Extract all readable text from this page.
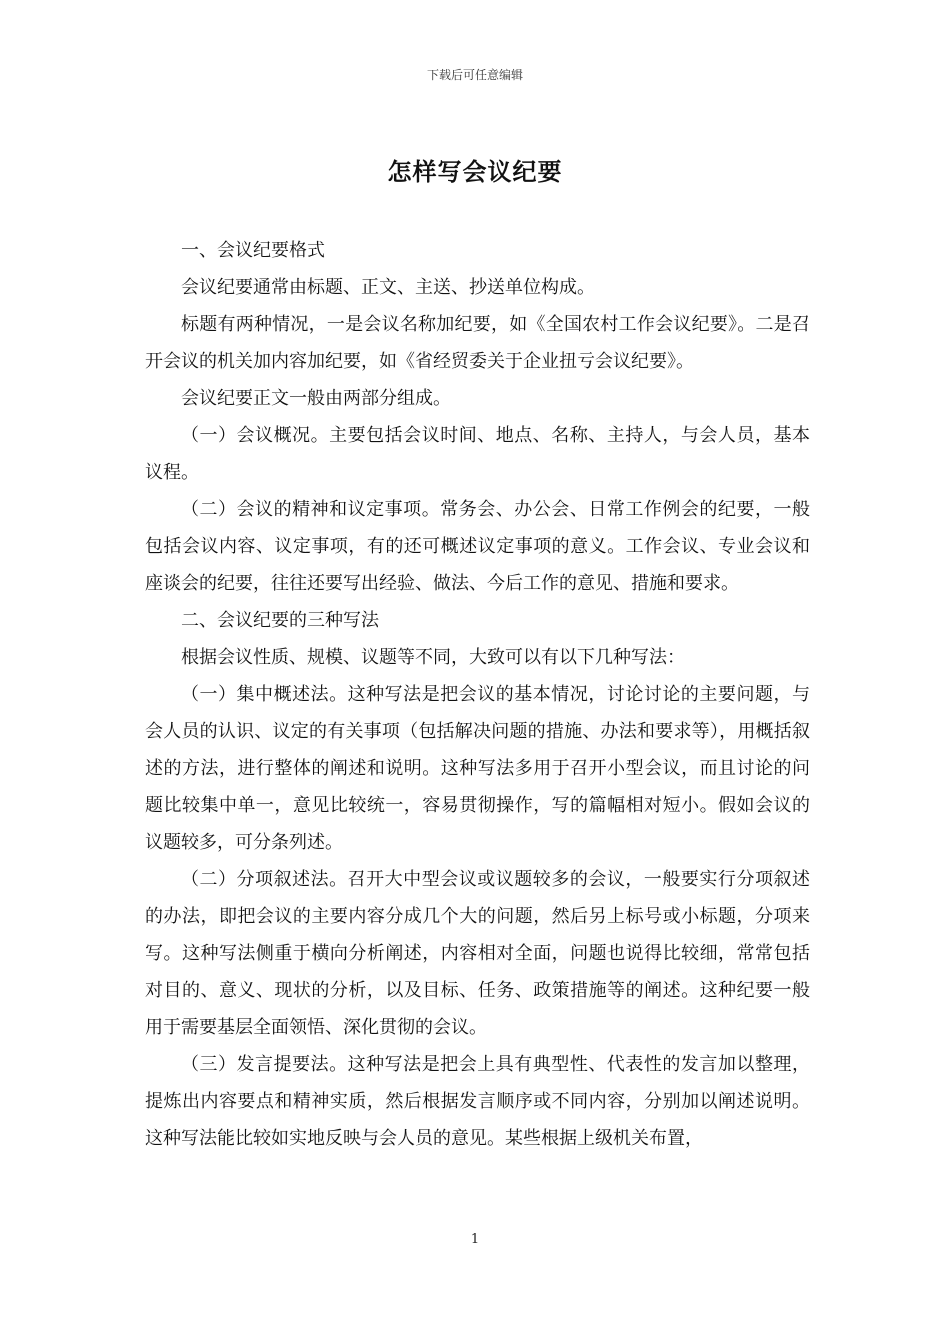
下载后可任意编辑
怎样写会议纪要

一、会议纪要格式

会议纪要通常由标题、正文、主送、抄送单位构成。

标题有两种情况，一是会议名称加纪要，如《全国农村工作会议纪要》。二是召开会议的机关加内容加纪要，如《省经贸委关于企业扭亏会议纪要》。

会议纪要正文一般由两部分组成。

（一）会议概况。主要包括会议时间、地点、名称、主持人，与会人员，基本议程。

（二）会议的精神和议定事项。常务会、办公会、日常工作例会的纪要，一般包括会议内容、议定事项，有的还可概述议定事项的意义。工作会议、专业会议和座谈会的纪要，往往还要写出经验、做法、今后工作的意见、措施和要求。

二、会议纪要的三种写法

根据会议性质、规模、议题等不同，大致可以有以下几种写法：

（一）集中概述法。这种写法是把会议的基本情况，讨论讨论的主要问题，与会人员的认识、议定的有关事项（包括解决问题的措施、办法和要求等），用概括叙述的方法，进行整体的阐述和说明。这种写法多用于召开小型会议，而且讨论的问题比较集中单一，意见比较统一，容易贯彻操作，写的篇幅相对短小。假如会议的议题较多，可分条列述。

（二）分项叙述法。召开大中型会议或议题较多的会议，一般要实行分项叙述的办法，即把会议的主要内容分成几个大的问题，然后另上标号或小标题，分项来写。这种写法侧重于横向分析阐述，内容相对全面，问题也说得比较细，常常包括对目的、意义、现状的分析，以及目标、任务、政策措施等的阐述。这种纪要一般用于需要基层全面领悟、深化贯彻的会议。

（三）发言提要法。这种写法是把会上具有典型性、代表性的发言加以整理，提炼出内容要点和精神实质，然后根据发言顺序或不同内容，分别加以阐述说明。这种写法能比较如实地反映与会人员的意见。某些根据上级机关布置，

1
